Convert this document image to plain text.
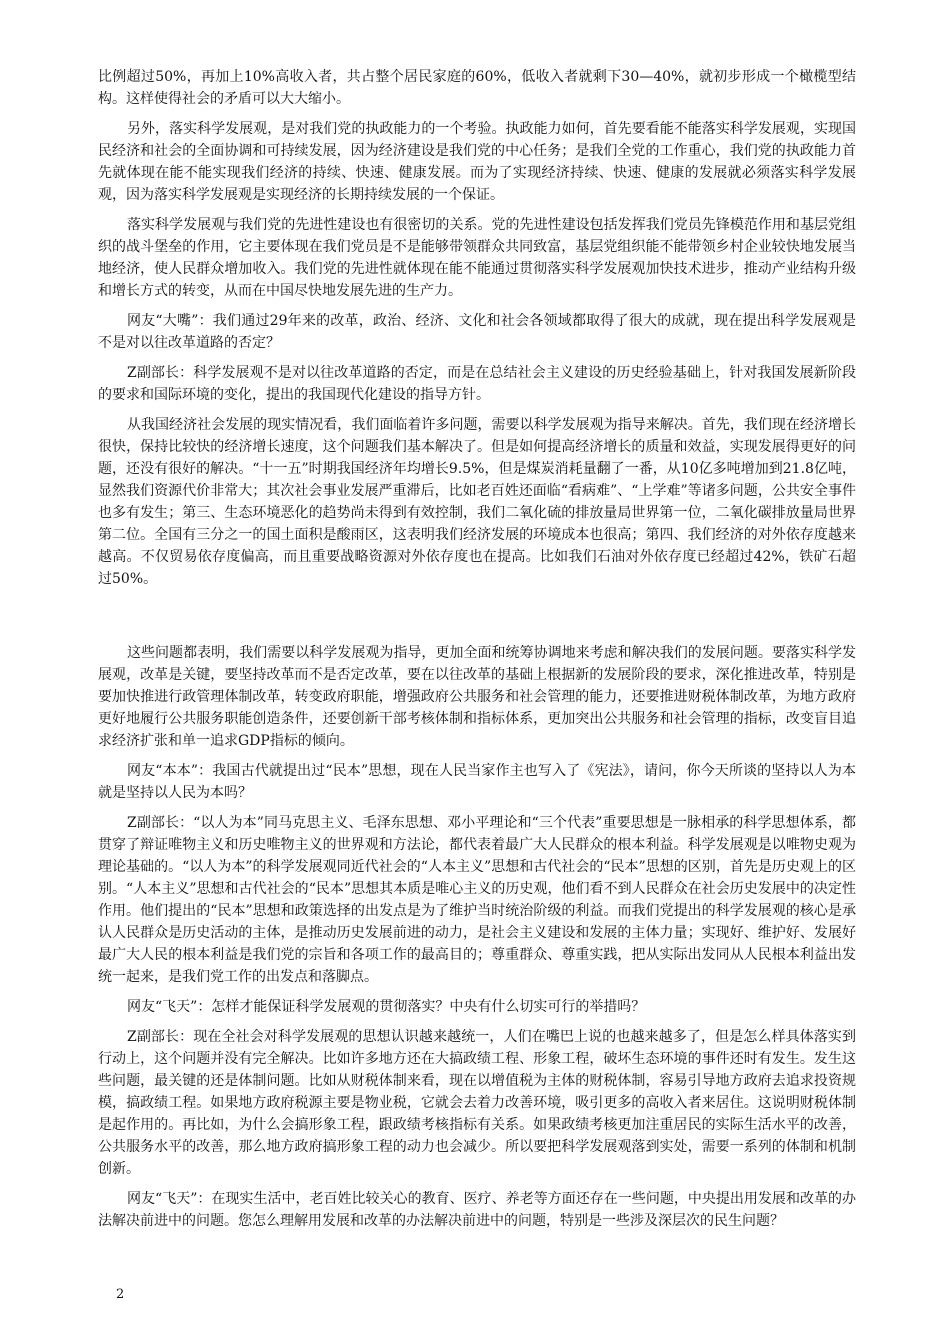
比例超过50%，再加上10%高收入者，共占整个居民家庭的60%，低收入者就剩下30—40%，就初步形成一个橄榄型结构。这样使得社会的矛盾可以大大缩小。

另外，落实科学发展观，是对我们党的执政能力的一个考验。执政能力如何，首先要看能不能落实科学发展观，实现国民经济和社会的全面协调和可持续发展，因为经济建设是我们党的中心任务；是我们全党的工作重心，我们党的执政能力首先就体现在能不能实现我们经济的持续、快速、健康发展。而为了实现经济持续、快速、健康的发展就必须落实科学发展观，因为落实科学发展观是实现经济的长期持续发展的一个保证。

落实科学发展观与我们党的先进性建设也有很密切的关系。党的先进性建设包括发挥我们党员先锋模范作用和基层党组织的战斗堡垒的作用，它主要体现在我们党员是不是能够带领群众共同致富，基层党组织能不能带领乡村企业较快地发展当地经济，使人民群众增加收入。我们党的先进性就体现在能不能通过贯彻落实科学发展观加快技术进步，推动产业结构升级和增长方式的转变，从而在中国尽快地发展先进的生产力。

网友“大嘴”：我们通过29年来的改革，政治、经济、文化和社会各领域都取得了很大的成就，现在提出科学发展观是不是对以往改革道路的否定？

Z副部长：科学发展观不是对以往改革道路的否定，而是在总结社会主义建设的历史经验基础上，针对我国发展新阶段的要求和国际环境的变化，提出的我国现代化建设的指导方针。

从我国经济社会发展的现实情况看，我们面临着许多问题，需要以科学发展观为指导来解决。首先，我们现在经济增长很快，保持比较快的经济增长速度，这个问题我们基本解决了。但是如何提高经济增长的质量和效益，实现发展得更好的问题，还没有很好的解决。“十一五”时期我国经济年均增长9.5%，但是煤炭消耗量翻了一番，从10亿多吨增加到21.8亿吨，显然我们资源代价非常大；其次社会事业发展严重滞后，比如老百姓还面临“看病难”、“上学难”等诸多问题，公共安全事件也多有发生；第三、生态环境恶化的趋势尚未得到有效控制，我们二氧化硫的排放量局世界第一位，二氧化碳排放量局世界第二位。全国有三分之一的国土面积是酸雨区，这表明我们经济发展的环境成本也很高；第四、我们经济的对外依存度越来越高。不仅贸易依存度偏高，而且重要战略资源对外依存度也在提高。比如我们石油对外依存度已经超过42%，铁矿石超过50%。

这些问题都表明，我们需要以科学发展观为指导，更加全面和统筹协调地来考虑和解决我们的发展问题。要落实科学发展观，改革是关键，要坚持改革而不是否定改革，要在以往改革的基础上根据新的发展阶段的要求，深化推进改革，特别是要加快推进行政管理体制改革，转变政府职能，增强政府公共服务和社会管理的能力，还要推进财税体制改革，为地方政府更好地履行公共服务职能创造条件，还要创新干部考核体制和指标体系，更加突出公共服务和社会管理的指标，改变盲目追求经济扩张和单一追求GDP指标的倾向。

网友“本本”：我国古代就提出过“民本”思想，现在人民当家作主也写入了《宪法》，请问，你今天所谈的坚持以人为本就是坚持以人民为本吗？

Z副部长：“以人为本”同马克思主义、毛泽东思想、邓小平理论和“三个代表”重要思想是一脉相承的科学思想体系，都贯穿了辩证唯物主义和历史唯物主义的世界观和方法论，都代表着最广大人民群众的根本利益。科学发展观是以唯物史观为理论基础的。“以人为本”的科学发展观同近代社会的“人本主义”思想和古代社会的“民本”思想的区别，首先是历史观上的区别。“人本主义”思想和古代社会的“民本”思想其本质是唯心主义的历史观，他们看不到人民群众在社会历史发展中的决定性作用。他们提出的“民本”思想和政策选择的出发点是为了维护当时统治阶级的利益。而我们党提出的科学发展观的核心是承认人民群众是历史活动的主体，是推动历史发展前进的动力，是社会主义建设和发展的主体力量；实现好、维护好、发展好最广大人民的根本利益是我们党的宗旨和各项工作的最高目的；尊重群众、尊重实践，把从实际出发同从人民根本利益出发统一起来，是我们党工作的出发点和落脚点。

网友“飞天”：怎样才能保证科学发展观的贯彻落实？中央有什么切实可行的举措吗？

Z副部长：现在全社会对科学发展观的思想认识越来越统一，人们在嘴巴上说的也越来越多了，但是怎么样具体落实到行动上，这个问题并没有完全解决。比如许多地方还在大搞政绩工程、形象工程，破坏生态环境的事件还时有发生。发生这些问题，最关键的还是体制问题。比如从财税体制来看，现在以增值税为主体的财税体制，容易引导地方政府去追求投资规模，搞政绩工程。如果地方政府税源主要是物业税，它就会去着力改善环境，吸引更多的高收入者来居住。这说明财税体制是起作用的。再比如，为什么会搞形象工程，跟政绩考核指标有关系。如果政绩考核更加注重居民的实际生活水平的改善，公共服务水平的改善，那么地方政府搞形象工程的动力也会减少。所以要把科学发展观落到实处，需要一系列的体制和机制创新。

网友“飞天”：在现实生活中，老百姓比较关心的教育、医疗、养老等方面还存在一些问题，中央提出用发展和改革的办法解决前进中的问题。您怎么理解用发展和改革的办法解决前进中的问题，特别是一些涉及深层次的民生问题？

2
